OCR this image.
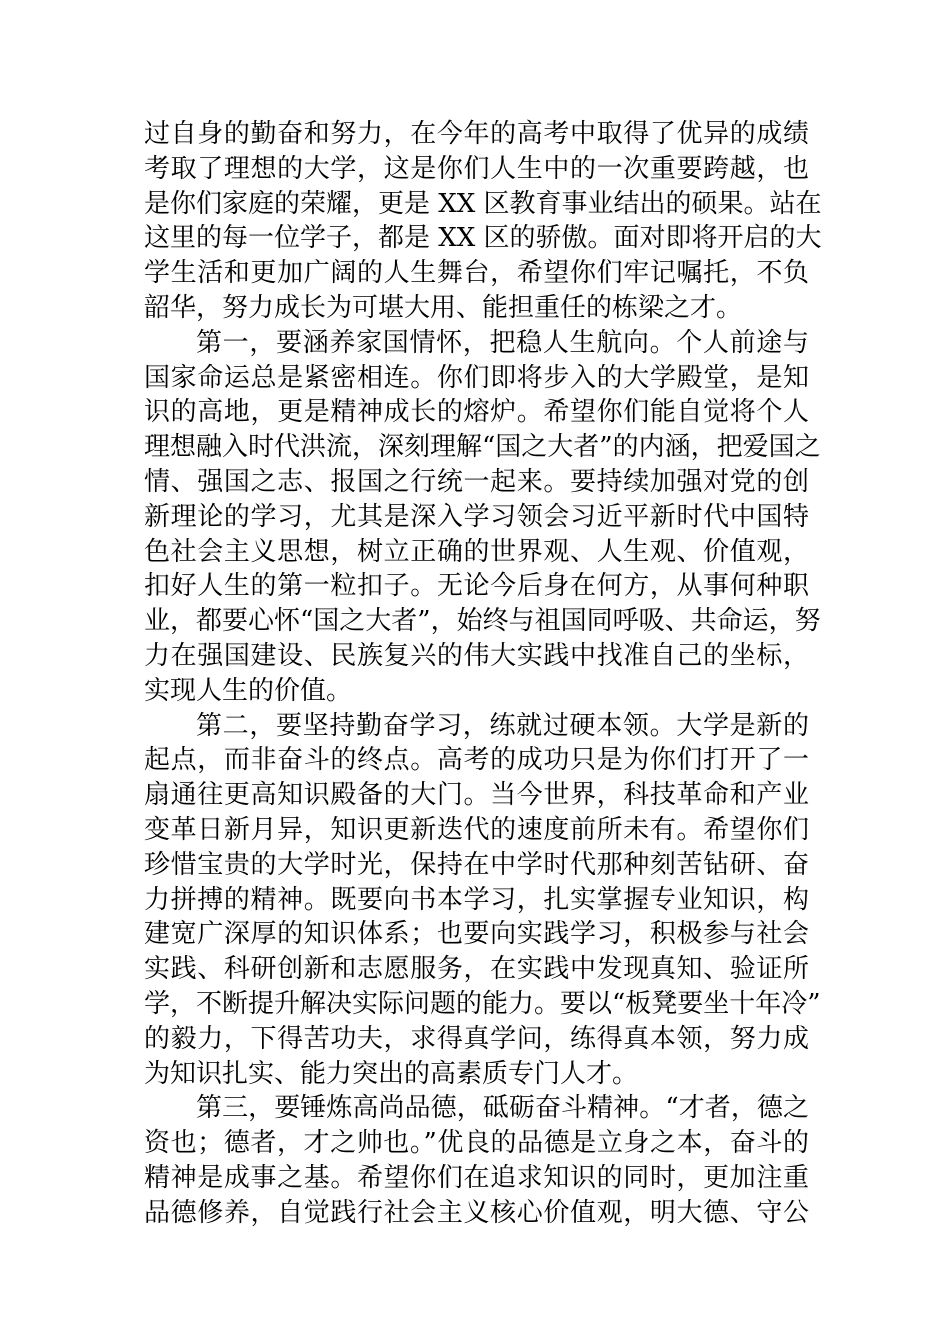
过自身的勤奋和努力，在今年的高考中取得了优异的成绩
考取了理想的大学，这是你们人生中的一次重要跨越，也
是你们家庭的荣耀，更是 XX 区教育事业结出的硕果。站在
这里的每一位学子，都是 XX 区的骄傲。面对即将开启的大
学生活和更加广阔的人生舞台，希望你们牢记嘱托，不负
韶华，努力成长为可堪大用、能担重任的栋梁之才。
第一，要涵养家国情怀，把稳人生航向。个人前途与
国家命运总是紧密相连。你们即将步入的大学殿堂，是知
识的高地，更是精神成长的熔炉。希望你们能自觉将个人
理想融入时代洪流，深刻理解“国之大者”的内涵，把爱国之
情、强国之志、报国之行统一起来。要持续加强对党的创
新理论的学习，尤其是深入学习领会习近平新时代中国特
色社会主义思想，树立正确的世界观、人生观、价值观，
扣好人生的第一粒扣子。无论今后身在何方，从事何种职
业，都要心怀“国之大者”，始终与祖国同呼吸、共命运，努
力在强国建设、民族复兴的伟大实践中找准自己的坐标，
实现人生的价值。
第二，要坚持勤奋学习，练就过硬本领。大学是新的
起点，而非奋斗的终点。高考的成功只是为你们打开了一
扇通往更高知识殿备的大门。当今世界，科技革命和产业
变革日新月异，知识更新迭代的速度前所未有。希望你们
珍惜宝贵的大学时光，保持在中学时代那种刻苦钻研、奋
力拼搏的精神。既要向书本学习，扎实掌握专业知识，构
建宽广深厚的知识体系；也要向实践学习，积极参与社会
实践、科研创新和志愿服务，在实践中发现真知、验证所
学，不断提升解决实际问题的能力。要以“板凳要坐十年冷”
的毅力，下得苦功夫，求得真学问，练得真本领，努力成
为知识扎实、能力突出的高素质专门人才。
第三，要锤炼高尚品德，砥砺奋斗精神。“才者，德之
资也；德者，才之帅也。”优良的品德是立身之本，奋斗的
精神是成事之基。希望你们在追求知识的同时，更加注重
品德修养，自觉践行社会主义核心价值观，明大德、守公
